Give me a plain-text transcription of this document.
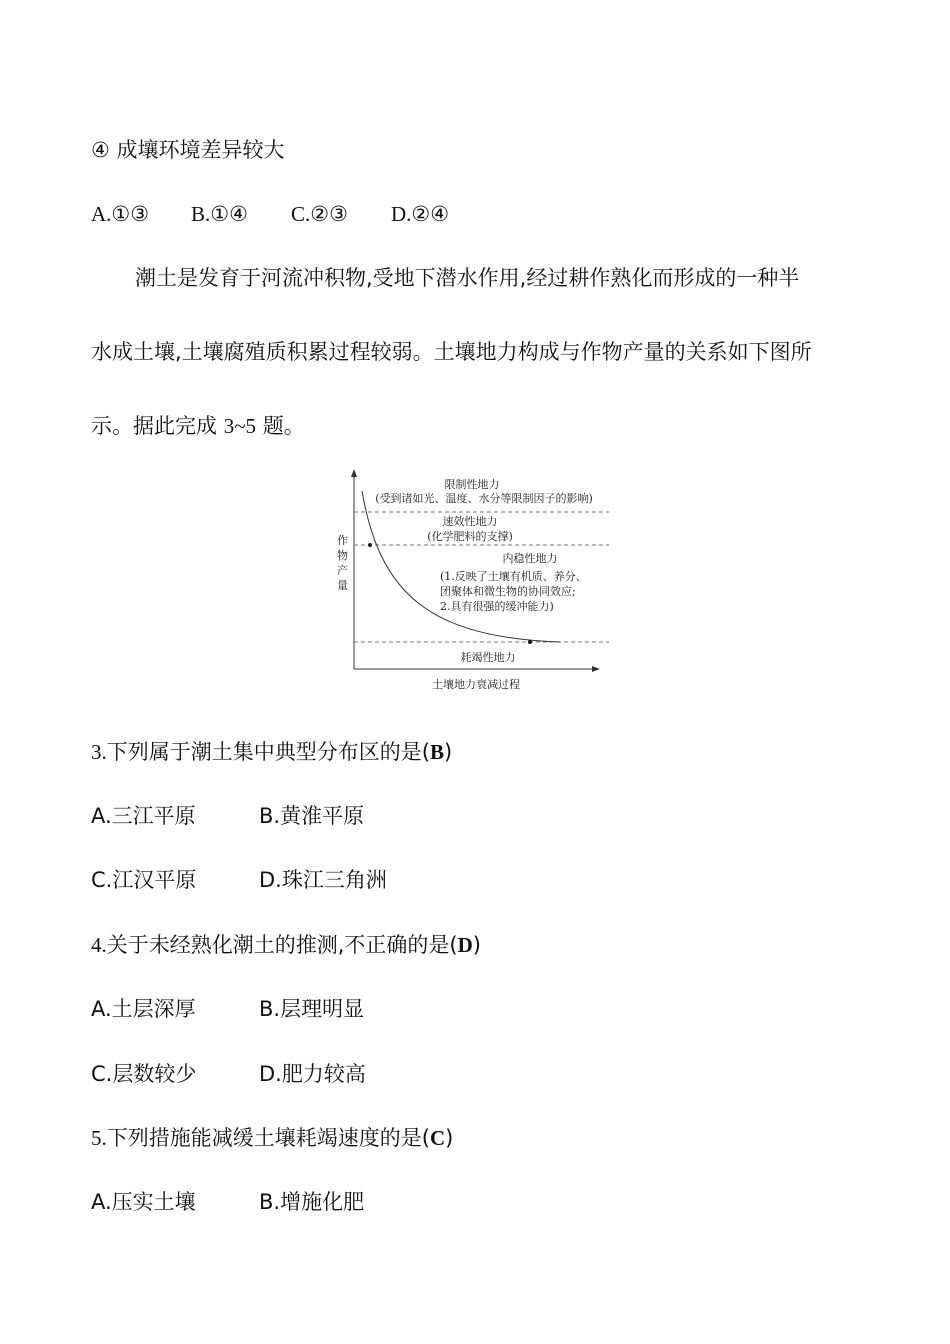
④ 成壤环境差异较大
A.①③ B.①④ C.②③ D.②④
潮土是发育于河流冲积物,受地下潜水作用,经过耕作熟化而形成的一种半
水成土壤,土壤腐殖质积累过程较弱。土壤地力构成与作物产量的关系如下图所
示。据此完成 3~5 题。
作
物
产
量
限制性地力
(受到诸如光、温度、水分等限制因子的影响)
速效性地力
(化学肥料的支撑)
内稳性地力
(1.反映了土壤有机质、养分、
团聚体和微生物的协同效应;
2.具有很强的缓冲能力)
耗竭性地力
土壤地力衰减过程
3.下列属于潮土集中典型分布区的是(B)
A.三江平原	B.黄淮平原
C.江汉平原	D.珠江三角洲
4.关于未经熟化潮土的推测,不正确的是(D)
A.土层深厚	B.层理明显
C.层数较少	D.肥力较高
5.下列措施能减缓土壤耗竭速度的是(C)
A.压实土壤	B.增施化肥
